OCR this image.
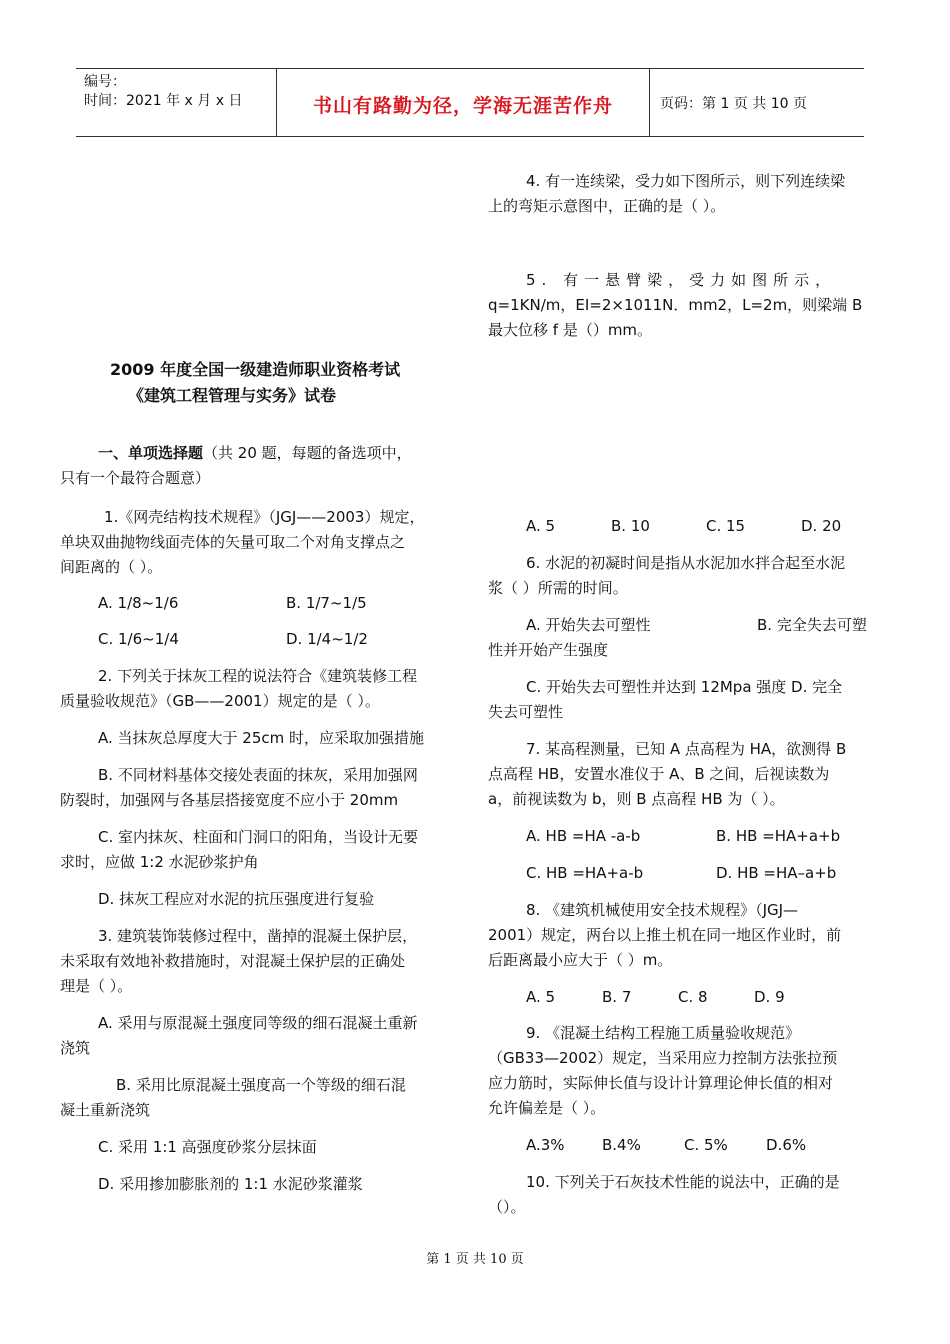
编号：
时间：2021 年 x 月 x 日	书山有路勤为径，学海无涯苦作舟	页码：第 1 页 共 10 页
2009 年度全国一级建造师职业资格考试
《建筑工程管理与实务》试卷
一、单项选择题（共 20 题，每题的备选项中，
只有一个最符合题意）
1.《网壳结构技术规程》（JGJ——2003）规定，
单块双曲抛物线面壳体的矢量可取二个对角支撑点之
间距离的（ ）。
A. 1/8~1/6	B. 1/7~1/5
C. 1/6~1/4	D. 1/4~1/2
2. 下列关于抹灰工程的说法符合《建筑装修工程
质量验收规范》（GB——2001）规定的是（ ）。
A. 当抹灰总厚度大于 25cm 时，应采取加强措施
B. 不同材料基体交接处表面的抹灰，采用加强网
防裂时，加强网与各基层搭接宽度不应小于 20mm
C. 室内抹灰、柱面和门洞口的阳角，当设计无要
求时，应做 1:2 水泥砂浆护角
D. 抹灰工程应对水泥的抗压强度进行复验
3. 建筑装饰装修过程中，凿掉的混凝土保护层，
未采取有效地补救措施时，对混凝土保护层的正确处
理是（ ）。
A. 采用与原混凝土强度同等级的细石混凝土重新
浇筑
B. 采用比原混凝土强度高一个等级的细石混
凝土重新浇筑
C. 采用 1:1 高强度砂浆分层抹面
D. 采用掺加膨胀剂的 1:1 水泥砂浆灌浆
4. 有一连续梁，受力如下图所示，则下列连续梁
上的弯矩示意图中，正确的是（ ）。
5. 有一悬臂梁，受力如图所示，
q=1KN/m，EI=2×1011N．mm2，L=2m，则梁端 B
最大位移 f 是（）mm。
A. 5	B. 10	C. 15	D. 20
6. 水泥的初凝时间是指从水泥加水拌合起至水泥
浆（ ）所需的时间。
A. 开始失去可塑性	B. 完全失去可塑
性并开始产生强度
C. 开始失去可塑性并达到 12Mpa 强度 D. 完全
失去可塑性
7. 某高程测量，已知 A 点高程为 HA，欲测得 B
点高程 HB，安置水准仪于 A、B 之间，后视读数为
a，前视读数为 b，则 B 点高程 HB 为（ ）。
A. HB =HA -a-b	B. HB =HA+a+b
C. HB =HA+a-b	D. HB =HA–a+b
8. 《建筑机械使用安全技术规程》（JGJ—
2001）规定，两台以上推土机在同一地区作业时，前
后距离最小应大于（ ）m。
A. 5	B. 7	C. 8	D. 9
9. 《混凝土结构工程施工质量验收规范》
（GB33—2002）规定，当采用应力控制方法张拉预
应力筋时，实际伸长值与设计计算理论伸长值的相对
允许偏差是（ ）。
A.3% B.4%	C. 5%	D.6%
10. 下列关于石灰技术性能的说法中，正确的是
（）。
第 1 页 共 10 页
